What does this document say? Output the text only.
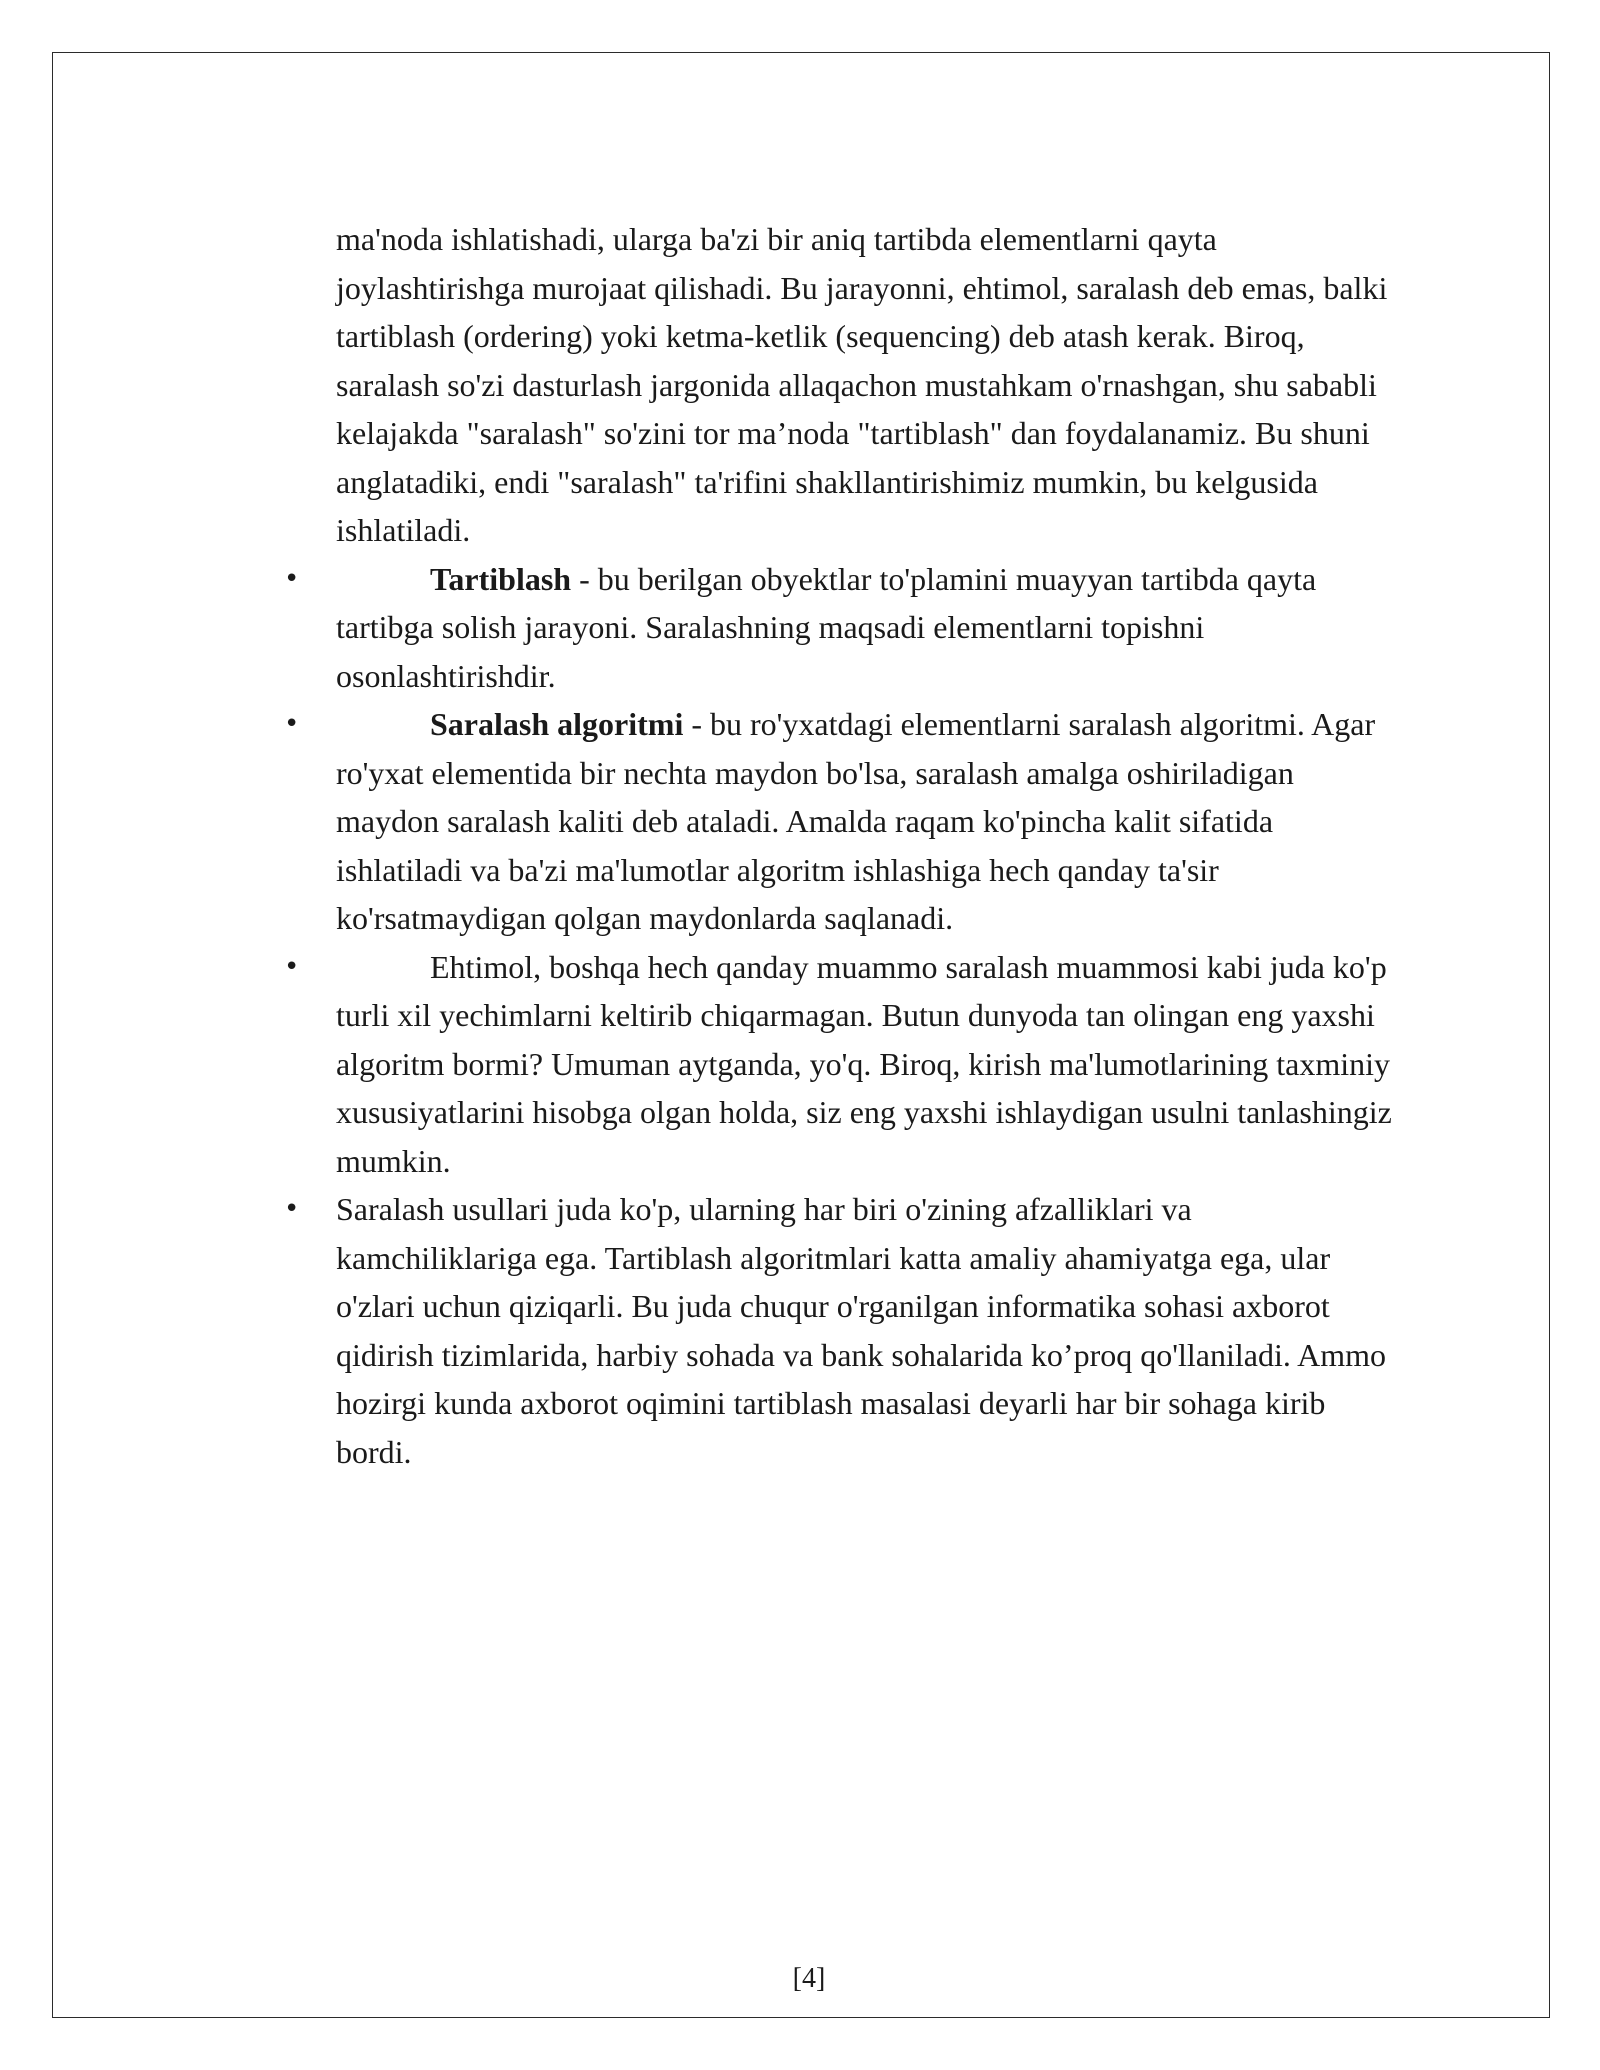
ma'noda ishlatishadi, ularga ba'zi bir aniq tartibda elementlarni qayta joylashtirishga murojaat qilishadi. Bu jarayonni, ehtimol, saralash deb emas, balki tartiblash (ordering) yoki ketma-ketlik (sequencing) deb atash kerak. Biroq, saralash so'zi dasturlash jargonida allaqachon mustahkam o'rnashgan, shu sababli kelajakda "saralash" so'zini tor ma’noda "tartiblash" dan foydalanamiz. Bu shuni anglatadiki, endi "saralash" ta'rifini shakllantirishimiz mumkin, bu kelgusida ishlatiladi.

•	Tartiblash - bu berilgan obyektlar to'plamini muayyan tartibda qayta tartibga solish jarayoni. Saralashning maqsadi elementlarni topishni osonlashtirishdir.

•	Saralash algoritmi - bu ro'yxatdagi elementlarni saralash algoritmi. Agar ro'yxat elementida bir nechta maydon bo'lsa, saralash amalga oshiriladigan maydon saralash kaliti deb ataladi. Amalda raqam ko'pincha kalit sifatida ishlatiladi va ba'zi ma'lumotlar algoritm ishlashiga hech qanday ta'sir ko'rsatmaydigan qolgan maydonlarda saqlanadi.

•	Ehtimol, boshqa hech qanday muammo saralash muammosi kabi juda ko'p turli xil yechimlarni keltirib chiqarmagan. Butun dunyoda tan olingan eng yaxshi algoritm bormi? Umuman aytganda, yo'q. Biroq, kirish ma'lumotlarining taxminiy xususiyatlarini hisobga olgan holda, siz eng yaxshi ishlaydigan usulni tanlashingiz mumkin.

• Saralash usullari juda ko'p, ularning har biri o'zining afzalliklari va kamchiliklariga ega. Tartiblash algoritmlari katta amaliy ahamiyatga ega, ular o'zlari uchun qiziqarli. Bu juda chuqur o'rganilgan informatika sohasi axborot qidirish tizimlarida, harbiy sohada va bank sohalarida ko’proq qo'llaniladi. Ammo hozirgi kunda axborot oqimini tartiblash masalasi deyarli har bir sohaga kirib bordi.

[4]
